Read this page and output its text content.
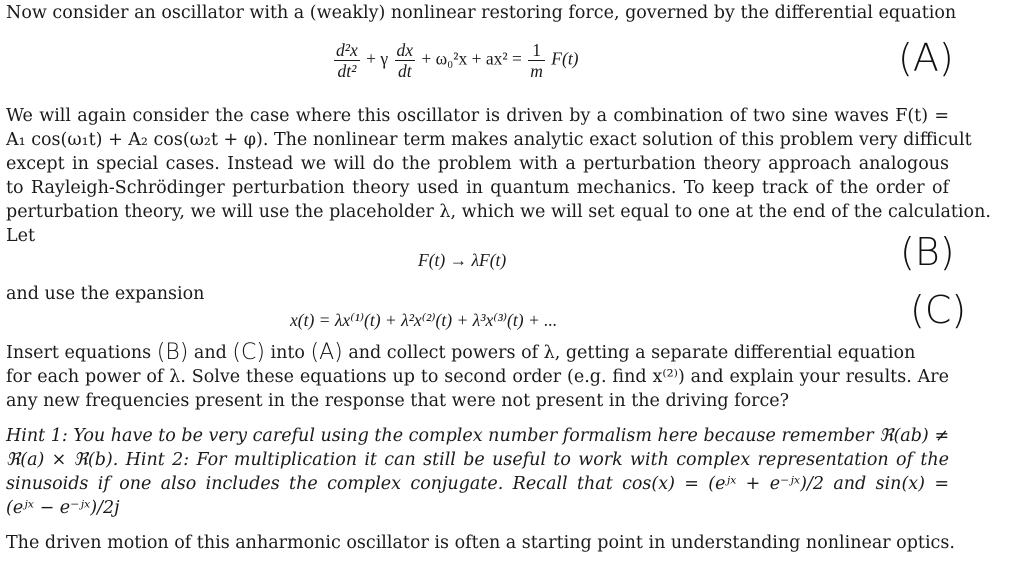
Now consider an oscillator with a (weakly) nonlinear restoring force, governed by the differential equation
$\frac{\text{d²x}}{\text{dt²}} + \gamma \frac{dx}{dt} + \omega_0^2x + ax^2 = \frac{1}{m} F(t)$	(A)
We will again consider the case where this oscillator is driven by a combination of two sine waves F(t) =
A₁ cos(ω₁t) + A₂ cos(ω₂t + φ). The nonlinear term makes analytic exact solution of this problem very difficult
except in special cases. Instead we will do the problem with a perturbation theory approach analogous
to Rayleigh-Schrödinger perturbation theory used in quantum mechanics. To keep track of the order of
perturbation theory, we will use the placeholder λ, which we will set equal to one at the end of the calculation.
Let
F(t) → λF(t)	(B)
and use the expansion
x(t) = λx⁽¹⁾(t) + λ²x⁽²⁾(t) + λ³x⁽³⁾(t) + ...	(C)
Insert equations (B) and (C) into (A) and collect powers of λ, getting a separate differential equation
for each power of λ. Solve these equations up to second order (e.g. find x⁽²⁾) and explain your results. Are
any new frequencies present in the response that were not present in the driving force?
Hint 1: You have to be very careful using the complex number formalism here because remember ℜ(ab) ≠
ℜ(a) × ℜ(b). Hint 2: For multiplication it can still be useful to work with complex representation of the
sinusoids if one also includes the complex conjugate. Recall that cos(x) = (eʲˣ + e⁻ʲˣ)/2 and sin(x) =
(eʲˣ − e⁻ʲˣ)/2j
The driven motion of this anharmonic oscillator is often a starting point in understanding nonlinear optics.
